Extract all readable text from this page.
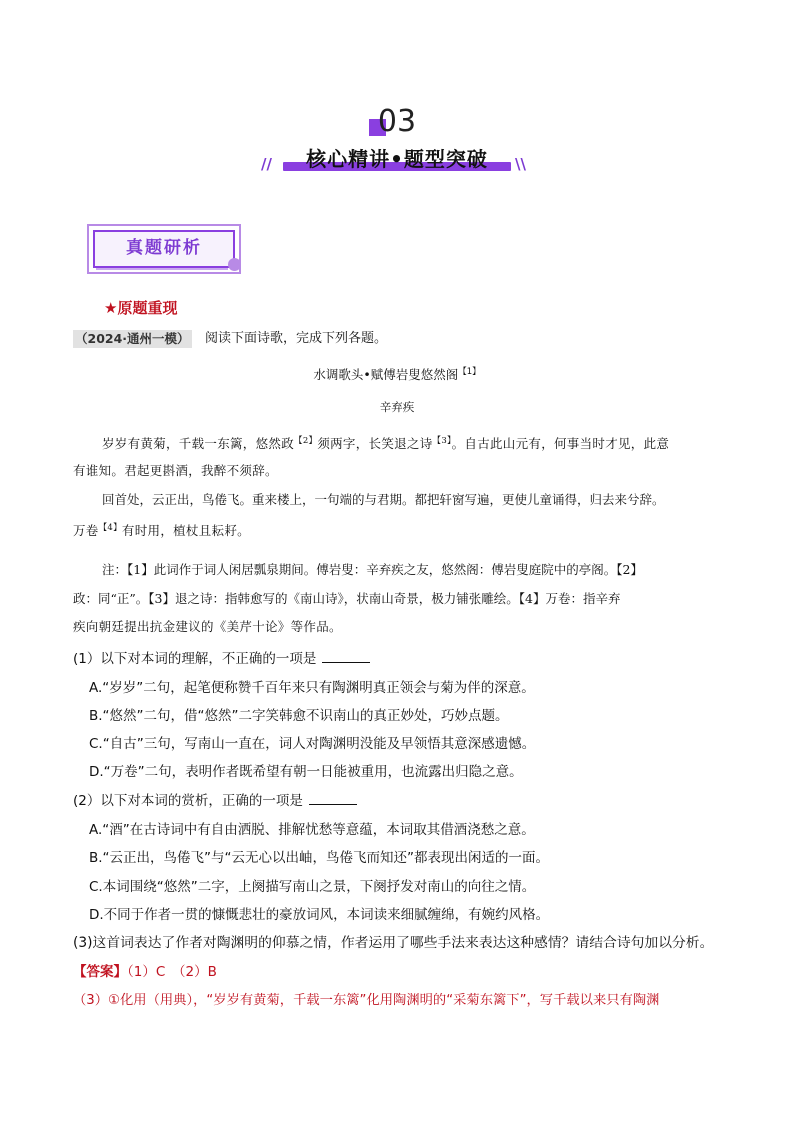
03
核心精讲•题型突破
//	\\
真题研析
★原题重现
（2024·通州一模） 阅读下面诗歌，完成下列各题。
水调歌头•赋傅岩叟悠然阁$^{【1】}$
辛弃疾
岁岁有黄菊，千载一东篱，悠然政$^{【2】}$须两字，长笑退之诗$^{【3】}$。自古此山元有，何事当时才见，此意
有谁知。君起更斟酒，我醉不须辞。
回首处，云正出，鸟倦飞。重来楼上，一句端的与君期。都把轩窗写遍，更使儿童诵得，归去来兮辞。
万卷$^{【4】}$有时用，植杖且耘耔。
注：【1】此词作于词人闲居瓢泉期间。傅岩叟：辛弃疾之友，悠然阁：傅岩叟庭院中的亭阁。【2】
政：同“正”。【3】退之诗：指韩愈写的《南山诗》，状南山奇景，极力铺张雕绘。【4】万卷：指辛弃
疾向朝廷提出抗金建议的《美芹十论》等作品。
(1）以下对本词的理解，不正确的一项是
A.“岁岁”二句，起笔便称赞千百年来只有陶渊明真正领会与菊为伴的深意。
B.“悠然”二句，借“悠然”二字笑韩愈不识南山的真正妙处，巧妙点题。
C.“自古”三句，写南山一直在，词人对陶渊明没能及早领悟其意深感遗憾。
D.“万卷”二句，表明作者既希望有朝一日能被重用，也流露出归隐之意。
(2）以下对本词的赏析，正确的一项是
A.“酒”在古诗词中有自由洒脱、排解忧愁等意蕴，本词取其借酒浇愁之意。
B.“云正出，鸟倦飞”与“云无心以出岫，鸟倦飞而知还”都表现出闲适的一面。
C.本词围绕“悠然”二字，上阕描写南山之景，下阕抒发对南山的向往之情。
D.不同于作者一贯的慷慨悲壮的豪放词风，本词读来细腻缠绵，有婉约风格。
(3)这首词表达了作者对陶渊明的仰慕之情，作者运用了哪些手法来表达这种感情？请结合诗句加以分析。
【答案】（1）C　（2）B
（3）①化用（用典），“岁岁有黄菊，千载一东篱”化用陶渊明的“采菊东篱下”，写千载以来只有陶渊
